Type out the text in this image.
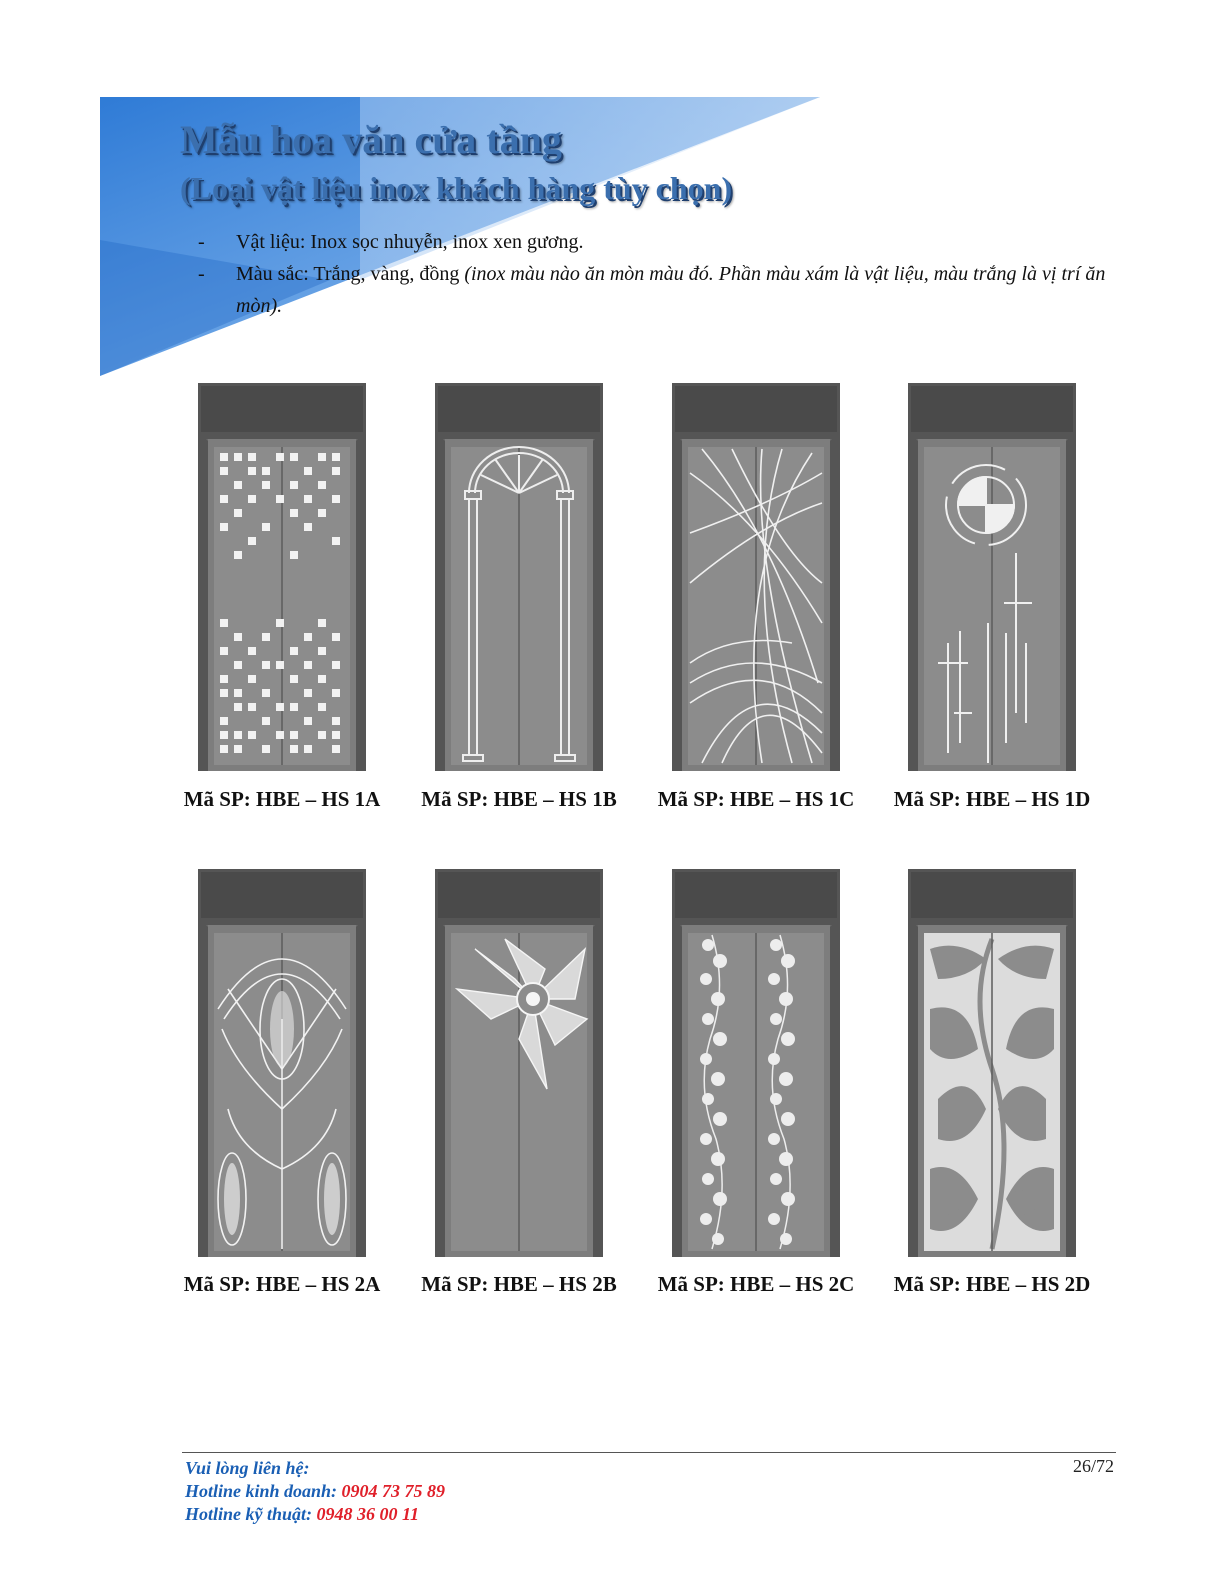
Mẫu hoa văn cửa tầng
(Loại vật liệu inox khách hàng tùy chọn)
- Vật liệu: Inox sọc nhuyễn, inox xen gương.
- Màu sắc: Trắng, vàng, đồng (inox màu nào ăn mòn màu đó. Phần màu xám là vật liệu, màu trắng là vị trí ăn mòn).

Mã SP: HBE – HS 1A	Mã SP: HBE – HS 1B	Mã SP: HBE – HS 1C	Mã SP: HBE – HS 1D

Mã SP: HBE – HS 2A	Mã SP: HBE – HS 2B	Mã SP: HBE – HS 2C	Mã SP: HBE – HS 2D

Vui lòng liên hệ:

Hotline kinh doanh: 0904 73 75 89

Hotline kỹ thuật: 0948 36 00 11

26/72
